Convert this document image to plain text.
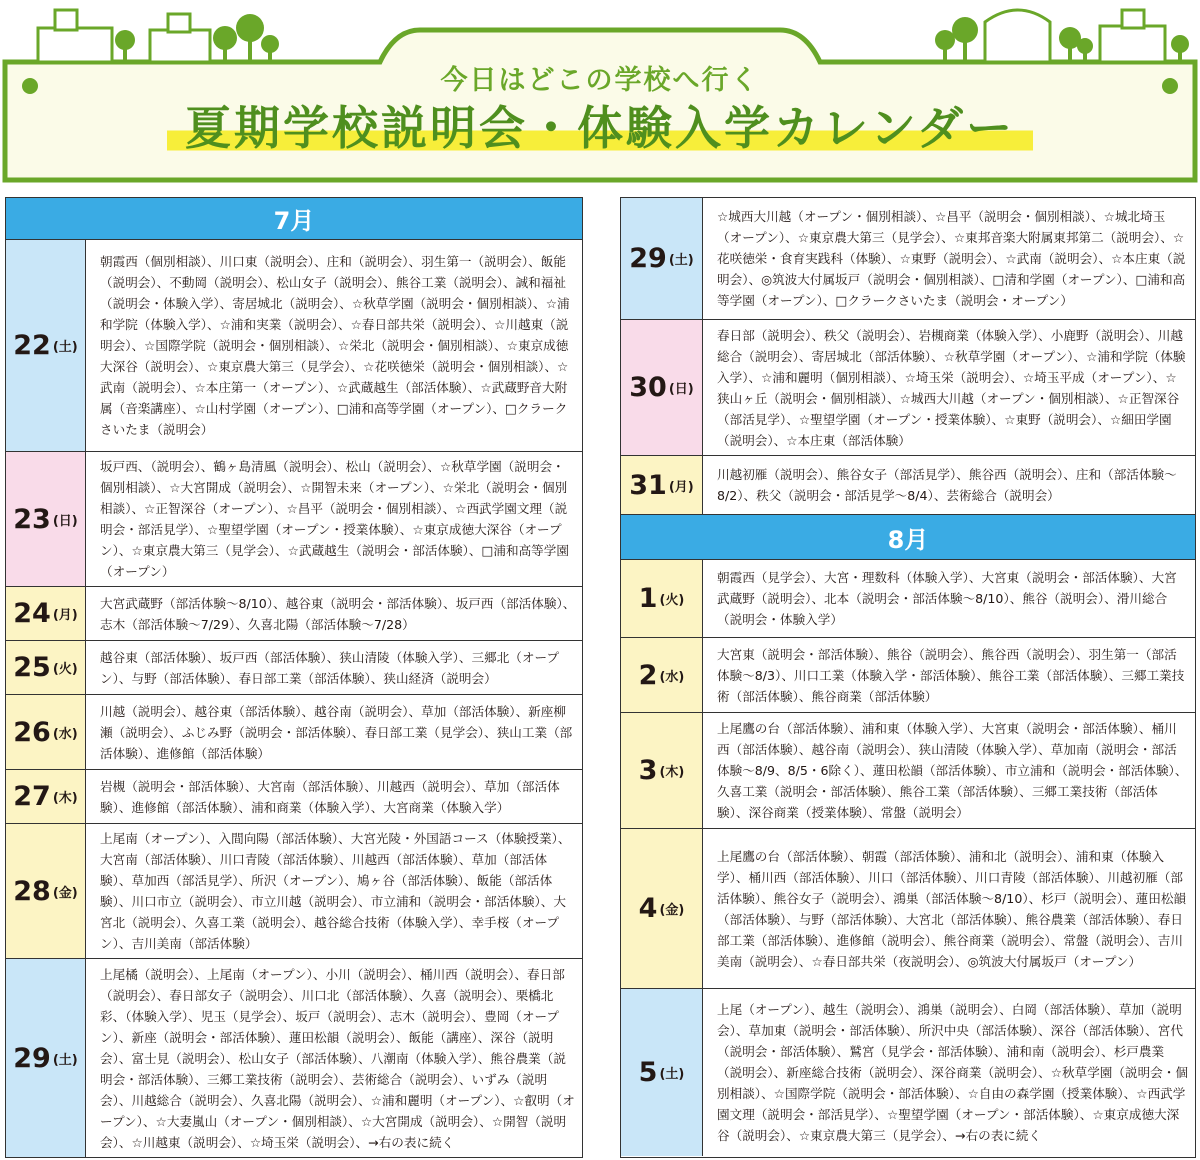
今日はどこの学校へ行く
夏期学校説明会・体験入学カレンダー
7月
22 (土)
朝霞西（個別相談）、川口東（説明会）、庄和（説明会）、羽生第一（説明会）、飯能（説明会）、不動岡（説明会）、松山女子（説明会）、熊谷工業（説明会）、誠和福祉（説明会・体験入学）、寄居城北（説明会）、☆秋草学園（説明会・個別相談）、☆浦和学院（体験入学）、☆浦和実業（説明会）、☆春日部共栄（説明会）、☆川越東（説明会）、☆国際学院（説明会・個別相談）、☆栄北（説明会・個別相談）、☆東京成徳大深谷（説明会）、☆東京農大第三（見学会）、☆花咲徳栄（説明会・個別相談）、☆武南（説明会）、☆本庄第一（オープン）、☆武蔵越生（部活体験）、☆武蔵野音大附属（音楽講座）、☆山村学園（オープン）、□浦和高等学園（オープン）、□クラークさいたま（説明会）
23 (日)
坂戸西、（説明会）、鶴ヶ島清風（説明会）、松山（説明会）、☆秋草学園（説明会・個別相談）、☆大宮開成（説明会）、☆開智未来（オープン）、☆栄北（説明会・個別相談）、☆正智深谷（オープン）、☆昌平（説明会・個別相談）、☆西武学園文理（説明会・部活見学）、☆聖望学園（オープン・授業体験）、☆東京成徳大深谷（オープン）、☆東京農大第三（見学会）、☆武蔵越生（説明会・部活体験）、□浦和高等学園（オープン）
24 (月)
大宮武蔵野（部活体験～8/10）、越谷東（説明会・部活体験）、坂戸西（部活体験）、志木（部活体験～7/29）、久喜北陽（部活体験～7/28）
25 (火)
越谷東（部活体験）、坂戸西（部活体験）、狭山清陵（体験入学）、三郷北（オープン）、与野（部活体験）、春日部工業（部活体験）、狭山経済（説明会）
26 (水)
川越（説明会）、越谷東（部活体験）、越谷南（説明会）、草加（部活体験）、新座柳瀬（説明会）、ふじみ野（説明会・部活体験）、春日部工業（見学会）、狭山工業（部活体験）、進修館（部活体験）
27 (木)
岩槻（説明会・部活体験）、大宮南（部活体験）、川越西（説明会）、草加（部活体験）、進修館（部活体験）、浦和商業（体験入学）、大宮商業（体験入学）
28 (金)
上尾南（オープン）、入間向陽（部活体験）、大宮光陵・外国語コース（体験授業）、大宮南（部活体験）、川口青陵（部活体験）、川越西（部活体験）、草加（部活体験）、草加西（部活見学）、所沢（オープン）、鳩ヶ谷（部活体験）、飯能（部活体験）、川口市立（説明会）、市立川越（説明会）、市立浦和（説明会・部活体験）、大宮北（説明会）、久喜工業（説明会）、越谷総合技術（体験入学）、幸手桜（オープン）、吉川美南（部活体験）
29 (土)
上尾橘（説明会）、上尾南（オープン）、小川（説明会）、桶川西（説明会）、春日部（説明会）、春日部女子（説明会）、川口北（部活体験）、久喜（説明会）、栗橋北彩、（体験入学）、児玉（見学会）、坂戸（説明会）、志木（説明会）、豊岡（オープン）、新座（説明会・部活体験）、蓮田松韻（説明会）、飯能（講座）、深谷（説明会）、富士見（説明会）、松山女子（部活体験）、八潮南（体験入学）、熊谷農業（説明会・部活体験）、三郷工業技術（説明会）、芸術総合（説明会）、いずみ（説明会）、川越総合（説明会）、久喜北陽（説明会）、☆浦和麗明（オープン）、☆叡明（オープン）、☆大妻嵐山（オープン・個別相談）、☆大宮開成（説明会）、☆開智（説明会）、☆川越東（説明会）、☆埼玉栄（説明会）、→右の表に続く
29 (土)
☆城西大川越（オープン・個別相談）、☆昌平（説明会・個別相談）、☆城北埼玉（オープン）、☆東京農大第三（見学会）、☆東邦音楽大附属東邦第二（説明会）、☆花咲徳栄・食育実践科（体験）、☆東野（説明会）、☆武南（説明会）、☆本庄東（説明会）、◎筑波大付属坂戸（説明会・個別相談）、□清和学園（オープン）、□浦和高等学園（オープン）、□クラークさいたま（説明会・オープン）
30 (日)
春日部（説明会）、秩父（説明会）、岩槻商業（体験入学）、小鹿野（説明会）、川越総合（説明会）、寄居城北（部活体験）、☆秋草学園（オープン）、☆浦和学院（体験入学）、☆浦和麗明（個別相談）、☆埼玉栄（説明会）、☆埼玉平成（オープン）、☆狭山ヶ丘（説明会・個別相談）、☆城西大川越（オープン・個別相談）、☆正智深谷（部活見学）、☆聖望学園（オープン・授業体験）、☆東野（説明会）、☆細田学園（説明会）、☆本庄東（部活体験）
31 (月)
川越初雁（説明会）、熊谷女子（部活見学）、熊谷西（説明会）、庄和（部活体験～8/2）、秩父（説明会・部活見学～8/4）、芸術総合（説明会）
8月
1 (火)
朝霞西（見学会）、大宮・理数科（体験入学）、大宮東（説明会・部活体験）、大宮武蔵野（説明会）、北本（説明会・部活体験～8/10）、熊谷（説明会）、滑川総合（説明会・体験入学）
2 (水)
大宮東（説明会・部活体験）、熊谷（説明会）、熊谷西（説明会）、羽生第一（部活体験～8/3）、川口工業（体験入学・部活体験）、熊谷工業（部活体験）、三郷工業技術（部活体験）、熊谷商業（部活体験）
3 (木)
上尾鷹の台（部活体験）、浦和東（体験入学）、大宮東（説明会・部活体験）、桶川西（部活体験）、越谷南（説明会）、狭山清陵（体験入学）、草加南（説明会・部活体験～8/9、8/5・6除く）、蓮田松韻（部活体験）、市立浦和（説明会・部活体験）、久喜工業（説明会・部活体験）、熊谷工業（部活体験）、三郷工業技術（部活体験）、深谷商業（授業体験）、常盤（説明会）
4 (金)
上尾鷹の台（部活体験）、朝霞（部活体験）、浦和北（説明会）、浦和東（体験入学）、桶川西（部活体験）、川口（部活体験）、川口青陵（部活体験）、川越初雁（部活体験）、熊谷女子（説明会）、鴻巣（部活体験～8/10）、杉戸（説明会）、蓮田松韻（部活体験）、与野（部活体験）、大宮北（部活体験）、熊谷農業（部活体験）、春日部工業（部活体験）、進修館（説明会）、熊谷商業（説明会）、常盤（説明会）、吉川美南（説明会）、☆春日部共栄（夜説明会）、◎筑波大付属坂戸（オープン）
5 (土)
上尾（オープン）、越生（説明会）、鴻巣（説明会）、白岡（部活体験）、草加（説明会）、草加東（説明会・部活体験）、所沢中央（部活体験）、深谷（部活体験）、宮代（説明会・部活体験）、鷲宮（見学会・部活体験）、浦和南（説明会）、杉戸農業（説明会）、新座総合技術（説明会）、深谷商業（説明会）、☆秋草学園（説明会・個別相談）、☆国際学院（説明会・部活体験）、☆自由の森学園（授業体験）、☆西武学園文理（説明会・部活見学）、☆聖望学園（オープン・部活体験）、☆東京成徳大深谷（説明会）、☆東京農大第三（見学会）、→右の表に続く
